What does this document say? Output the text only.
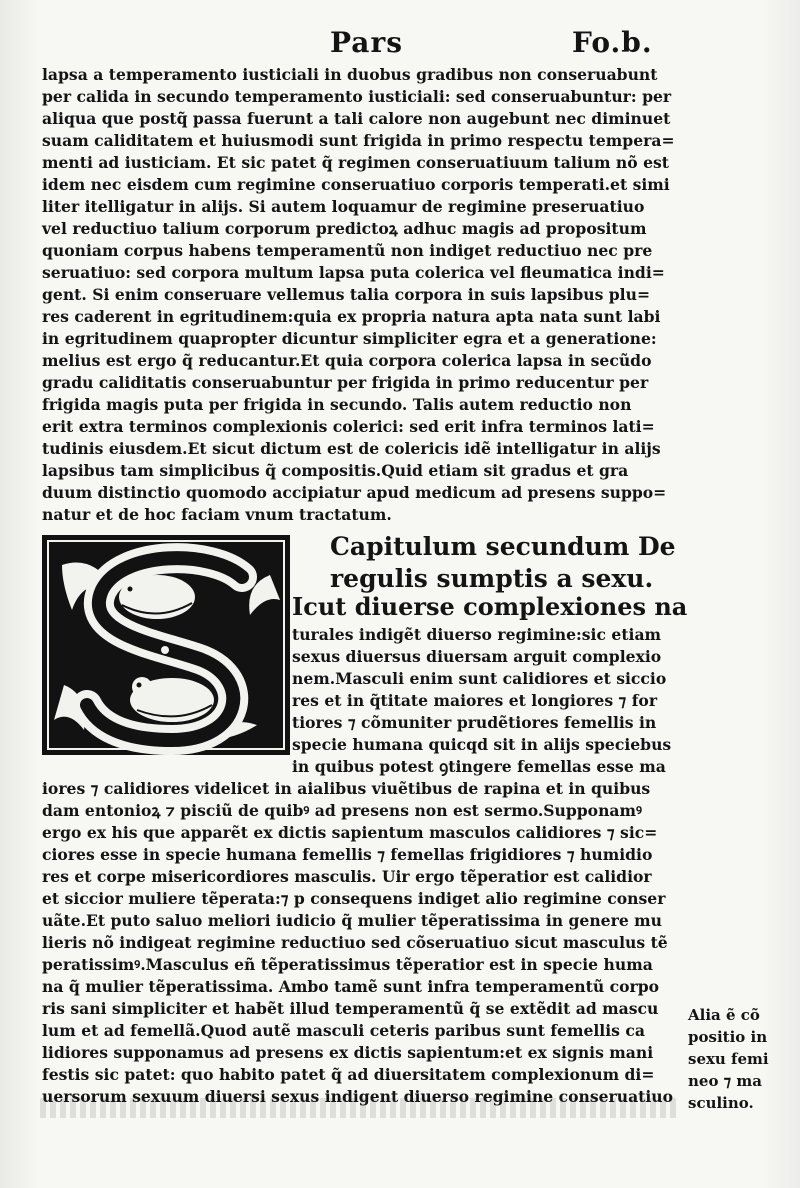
Pars	Fo.b.
lapsa a temperamento iusticiali in duobus gradibus non conseruabunt
per calida in secundo temperamento iusticiali: sed conseruabuntur: per
aliqua que postq̃ passa fuerunt a tali calore non augebunt nec diminuet
suam caliditatem et huiusmodi sunt frigida in primo respectu tempera=
menti ad iusticiam. Et sic patet q̃ regimen conseruatiuum talium nõ est
idem nec eisdem cum regimine conseruatiuo corporis temperati.et simi
liter itelligatur in alijs. Si autem loquamur de regimine preseruatiuo
vel reductiuo talium corporum predictoꝝ adhuc magis ad propositum
quoniam corpus habens temperamentũ non indiget reductiuo nec pre
seruatiuo: sed corpora multum lapsa puta colerica vel fleumatica indi=
gent. Si enim conseruare vellemus talia corpora in suis lapsibus plu=
res caderent in egritudinem:quia ex propria natura apta nata sunt labi
in egritudinem quapropter dicuntur simpliciter egra et a generatione:
melius est ergo q̃ reducantur.Et quia corpora colerica lapsa in secũdo
gradu caliditatis conseruabuntur per frigida in primo reducentur per
frigida magis puta per frigida in secundo. Talis autem reductio non
erit extra terminos complexionis colerici: sed erit infra terminos lati=
tudinis eiusdem.Et sicut dictum est de colericis idẽ intelligatur in alijs
lapsibus tam simplicibus q̃ compositis.Quid etiam sit gradus et gra
duum distinctio quomodo accipiatur apud medicum ad presens suppo=
natur et de hoc faciam vnum tractatum.
Capitulum secundum De
regulis sumptis a sexu.
Icut diuerse complexiones na
turales indigẽt diuerso regimine:sic etiam
sexus diuersus diuersam arguit complexio
nem.Masculi enim sunt calidiores et siccio
res et in q̃titate maiores et longiores ⁊ for
tiores ⁊ cõmuniter prudẽtiores femellis in
specie humana quicqd sit in alijs speciebus
in quibus potest ꝯtingere femellas esse ma
iores ⁊ calidiores videlicet in aialibus viuẽtibus de rapina et in quibus
dam entonioꝝ ⁊ pisciũ de quibꝰ ad presens non est sermo.Supponamꝰ
ergo ex his que apparẽt ex dictis sapientum masculos calidiores ⁊ sic=
ciores esse in specie humana femellis ⁊ femellas frigidiores ⁊ humidio
res et corpe misericordiores masculis. Uir ergo tẽperatior est calidior
et siccior muliere tẽperata:⁊ p consequens indiget alio regimine conser
uãte.Et puto saluo meliori iudicio q̃ mulier tẽperatissima in genere mu
lieris nõ indigeat regimine reductiuo sed cõseruatiuo sicut masculus tẽ
peratissimꝰ.Masculus eñ tẽperatissimus tẽperatior est in specie huma
na q̃ mulier tẽperatissima. Ambo tamẽ sunt infra temperamentũ corpo
ris sani simpliciter et habẽt illud temperamentũ q̃ se extẽdit ad mascu
lum et ad femellã.Quod autẽ masculi ceteris paribus sunt femellis ca
lidiores supponamus ad presens ex dictis sapientum:et ex signis mani
festis sic patet: quo habito patet q̃ ad diuersitatem complexionum di=
uersorum sexuum diuersi sexus indigent diuerso regimine conseruatiuo
Alia ẽ cõ
positio in
sexu femi
neo ⁊ ma
sculino.
